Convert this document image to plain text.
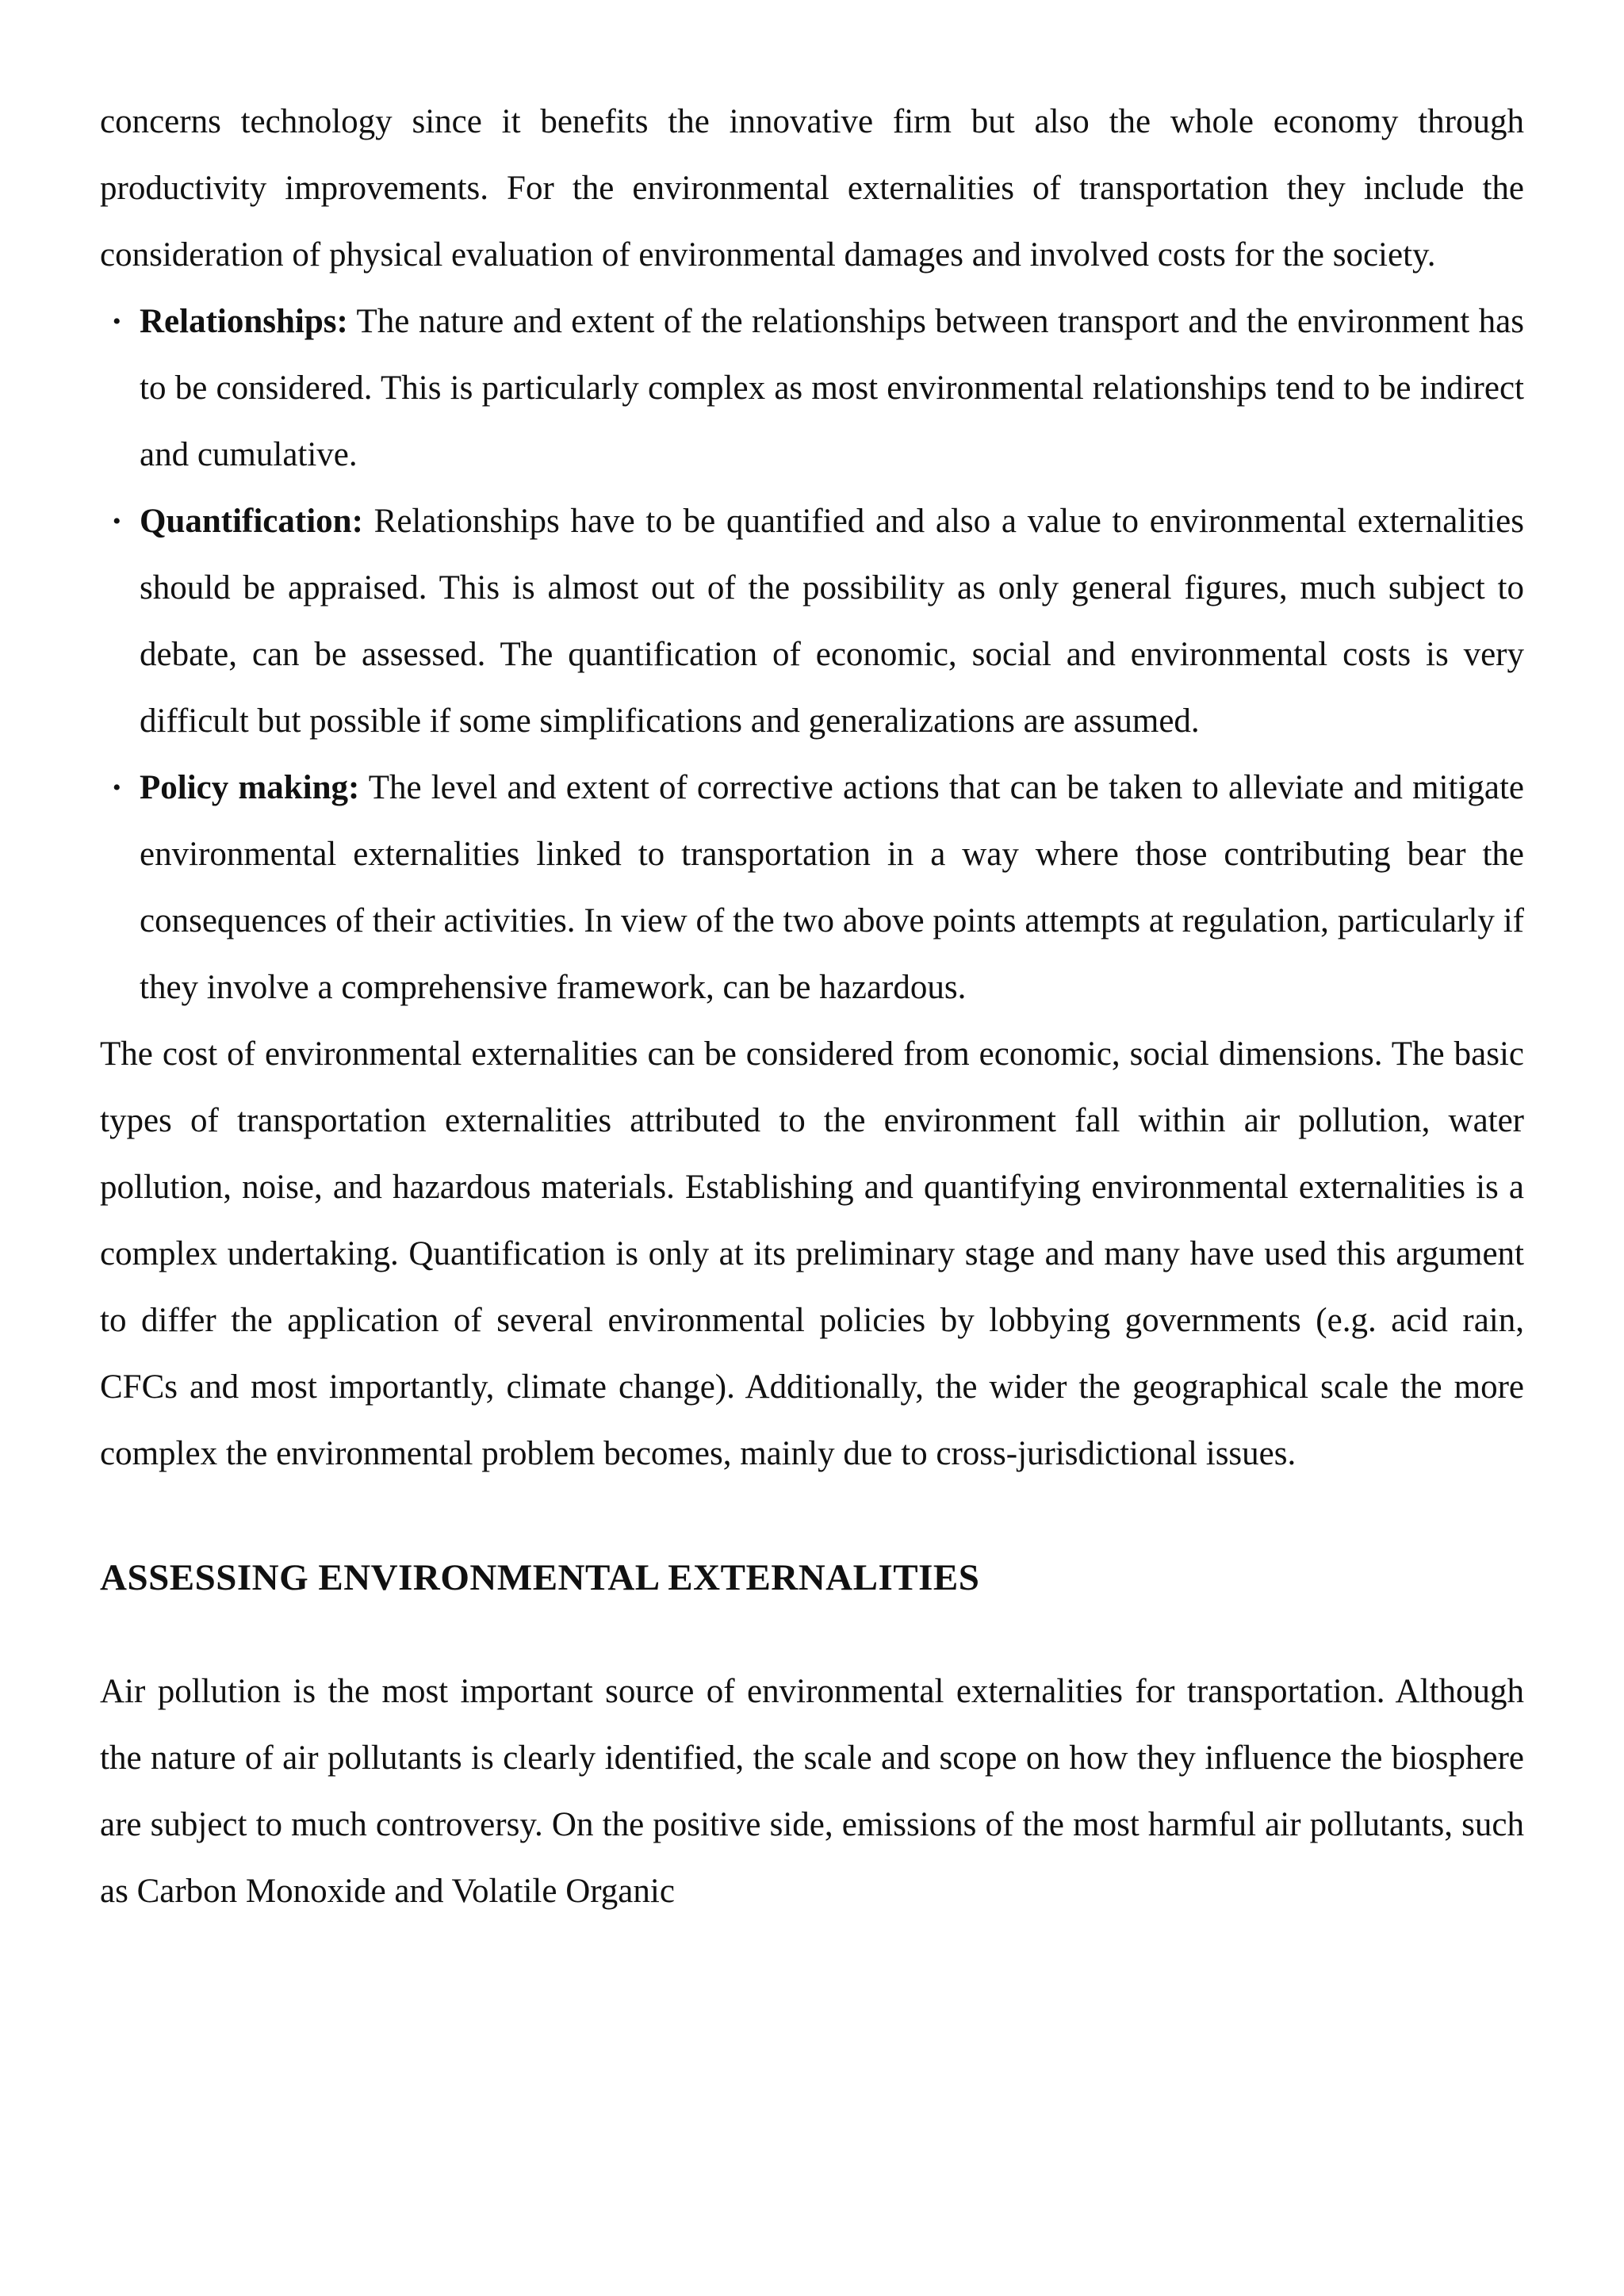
concerns technology since it benefits the innovative firm but also the whole economy through productivity improvements. For the environmental externalities of transportation they include the consideration of physical evaluation of environmental damages and involved costs for the society.

• Relationships: The nature and extent of the relationships between transport and the environment has to be considered. This is particularly complex as most environmental relationships tend to be indirect and cumulative.
• Quantification: Relationships have to be quantified and also a value to environmental externalities should be appraised. This is almost out of the possibility as only general figures, much subject to debate, can be assessed. The quantification of economic, social and environmental costs is very difficult but possible if some simplifications and generalizations are assumed.
• Policy making: The level and extent of corrective actions that can be taken to alleviate and mitigate environmental externalities linked to transportation in a way where those contributing bear the consequences of their activities. In view of the two above points attempts at regulation, particularly if they involve a comprehensive framework, can be hazardous.

The cost of environmental externalities can be considered from economic, social dimensions. The basic types of transportation externalities attributed to the environment fall within air pollution, water pollution, noise, and hazardous materials. Establishing and quantifying environmental externalities is a complex undertaking. Quantification is only at its preliminary stage and many have used this argument to differ the application of several environmental policies by lobbying governments (e.g. acid rain, CFCs and most importantly, climate change). Additionally, the wider the geographical scale the more complex the environmental problem becomes, mainly due to cross-jurisdictional issues.

ASSESSING ENVIRONMENTAL EXTERNALITIES

Air pollution is the most important source of environmental externalities for transportation. Although the nature of air pollutants is clearly identified, the scale and scope on how they influence the biosphere are subject to much controversy. On the positive side, emissions of the most harmful air pollutants, such as Carbon Monoxide and Volatile Organic
